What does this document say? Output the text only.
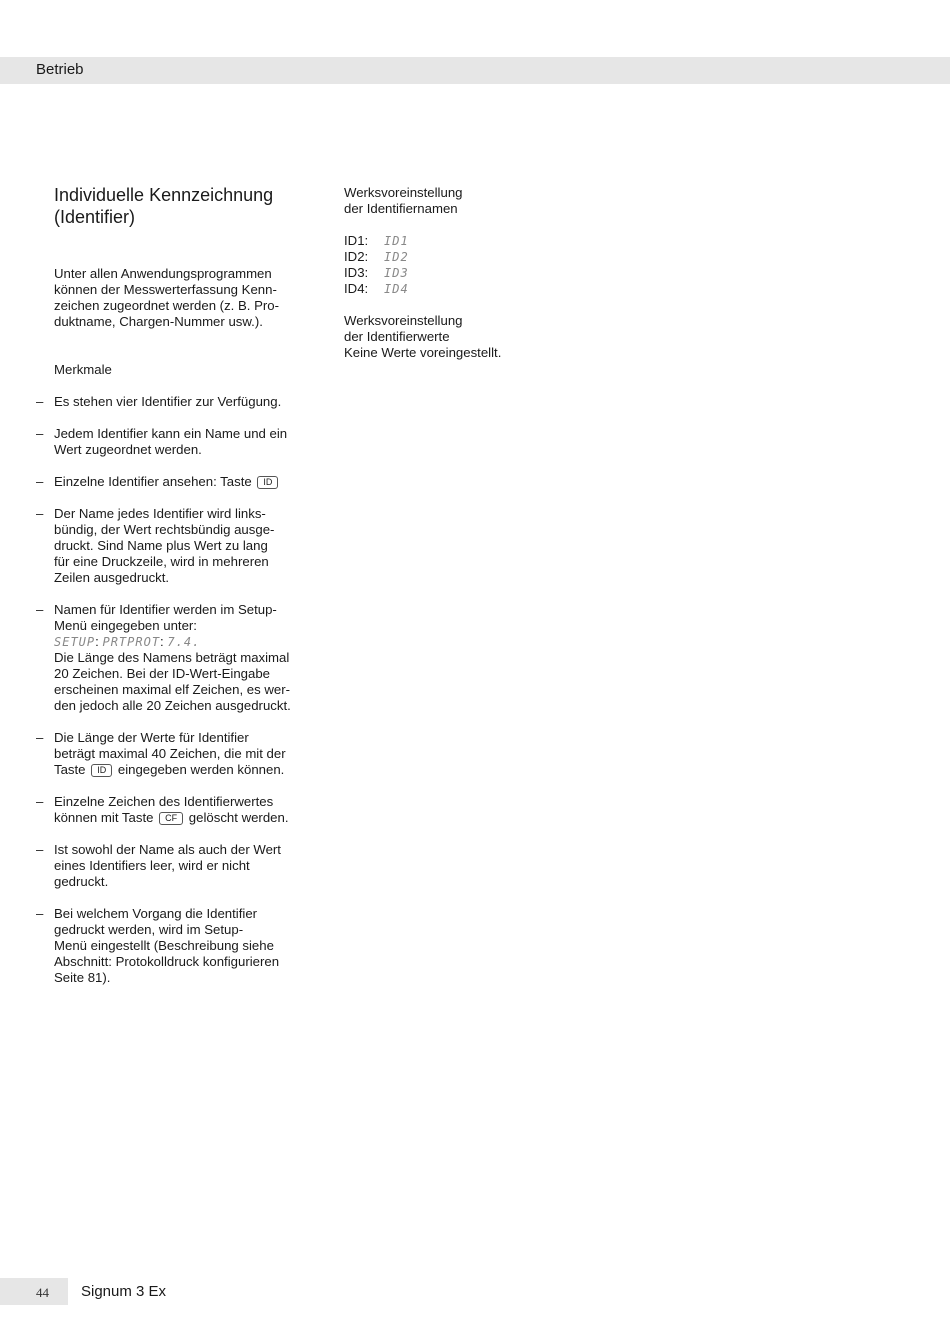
Betrieb
Individuelle Kennzeichnung
(Identifier)

Unter allen Anwendungsprogrammen
können der Messwerterfassung Kenn-
zeichen zugeordnet werden (z. B. Pro-
duktname, Chargen-Nummer usw.).

Merkmale

– Es stehen vier Identifier zur Verfügung.
– Jedem Identifier kann ein Name und ein
Wert zugeordnet werden.
– Einzelne Identifier ansehen: Taste ID
– Der Name jedes Identifier wird links-
bündig, der Wert rechtsbündig ausge-
druckt. Sind Name plus Wert zu lang
für eine Druckzeile, wird in mehreren
Zeilen ausgedruckt.
– Namen für Identifier werden im Setup-
Menü eingegeben unter:
SETUP: PRTPROT: 7.4.
Die Länge des Namens beträgt maximal
20 Zeichen. Bei der ID-Wert-Eingabe
erscheinen maximal elf Zeichen, es wer-
den jedoch alle 20 Zeichen ausgedruckt.
– Die Länge der Werte für Identifier
beträgt maximal 40 Zeichen, die mit der
Taste ID eingegeben werden können.
– Einzelne Zeichen des Identifierwertes
können mit Taste CF gelöscht werden.
– Ist sowohl der Name als auch der Wert
eines Identifiers leer, wird er nicht
gedruckt.
– Bei welchem Vorgang die Identifier
gedruckt werden, wird im Setup-
Menü eingestellt (Beschreibung siehe
Abschnitt: Protokolldruck konfigurieren
Seite 81).
Werksvoreinstellung
der Identifiernamen
ID1:	ID1
ID2:	ID2
ID3:	ID3
ID4:	ID4
Werksvoreinstellung
der Identifierwerte
Keine Werte voreingestellt.
44 Signum 3 Ex
